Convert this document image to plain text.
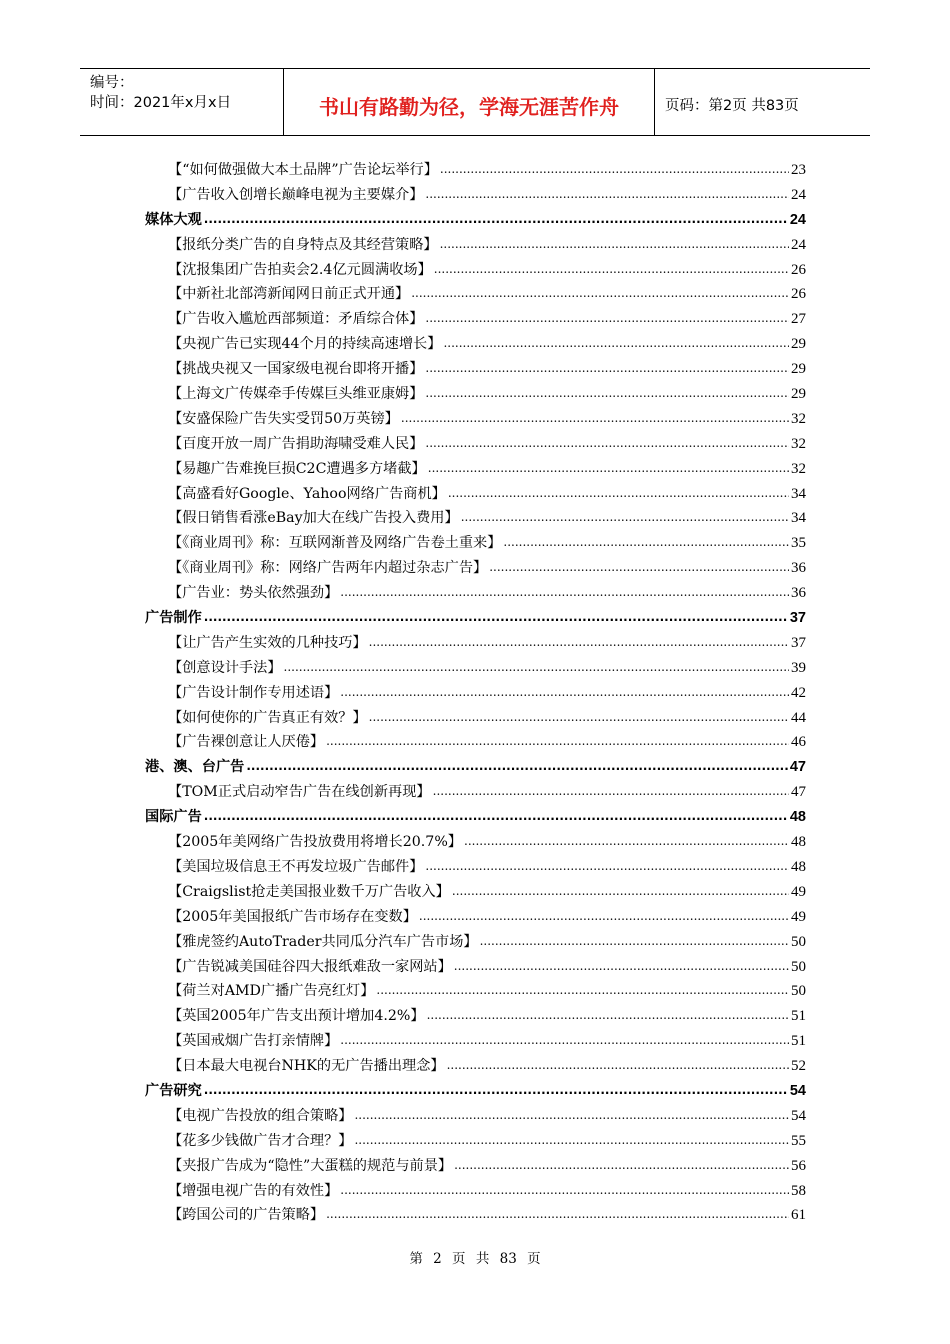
编号：
时间：2021年x月x日	书山有路勤为径，学海无涯苦作舟	页码：第2页 共83页
【“如何做强做大本土品牌”广告论坛举行】 .....	23
【广告收入创增长巅峰电视为主要媒介】 .....	24
媒体大观 .....	24
【报纸分类广告的自身特点及其经营策略】 .....	24
【沈报集团广告拍卖会2.4亿元圆满收场】 .....	26
【中新社北部湾新闻网日前正式开通】 .....	26
【广告收入尴尬西部频道：矛盾综合体】 .....	27
【央视广告已实现44个月的持续高速增长】 .....	29
【挑战央视又一国家级电视台即将开播】 .....	29
【上海文广传媒牵手传媒巨头维亚康姆】 .....	29
【安盛保险广告失实受罚50万英镑】 .....	32
【百度开放一周广告捐助海啸受难人民】 .....	32
【易趣广告难挽巨损C2C遭遇多方堵截】 .....	32
【高盛看好Google、Yahoo网络广告商机】 .....	34
【假日销售看涨eBay加大在线广告投入费用】 .....	34
【《商业周刊》称：互联网渐普及网络广告卷土重来】 .....	35
【《商业周刊》称：网络广告两年内超过杂志广告】 .....	36
【广告业：势头依然强劲】 .....	36
广告制作 .....	37
【让广告产生实效的几种技巧】 .....	37
【创意设计手法】 .....	39
【广告设计制作专用述语】 .....	42
【如何使你的广告真正有效？】 .....	44
【广告裸创意让人厌倦】 .....	46
港、澳、台广告 .....	47
【TOM正式启动窄告广告在线创新再现】 .....	47
国际广告 .....	48
【2005年美网络广告投放费用将增长20.7%】 .....	48
【美国垃圾信息王不再发垃圾广告邮件】 .....	48
【Craigslist抢走美国报业数千万广告收入】 .....	49
【2005年美国报纸广告市场存在变数】 .....	49
【雅虎签约AutoTrader共同瓜分汽车广告市场】 .....	50
【广告锐减美国硅谷四大报纸难敌一家网站】 .....	50
【荷兰对AMD广播广告亮红灯】 .....	50
【英国2005年广告支出预计增加4.2%】 .....	51
【英国戒烟广告打亲情牌】 .....	51
【日本最大电视台NHK的无广告播出理念】 .....	52
广告研究 .....	54
【电视广告投放的组合策略】 .....	54
【花多少钱做广告才合理？】 .....	55
【夹报广告成为“隐性”大蛋糕的规范与前景】 .....	56
【增强电视广告的有效性】 .....	58
【跨国公司的广告策略】 .....	61
第 2 页 共 83 页
